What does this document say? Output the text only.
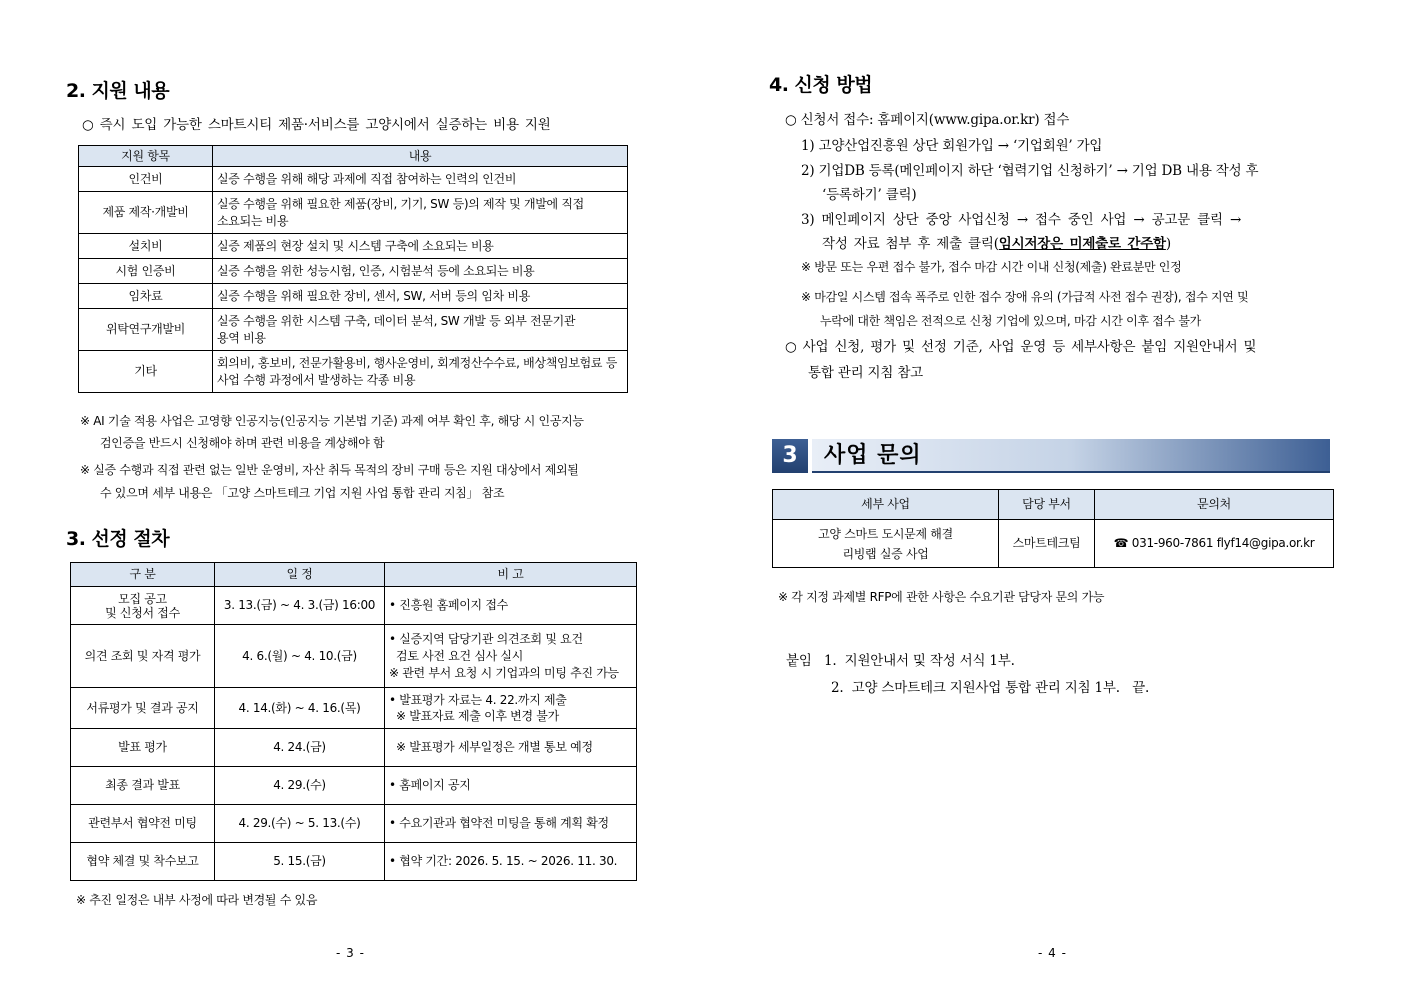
2. 지원 내용
○ 즉시 도입 가능한 스마트시티 제품·서비스를 고양시에서 실증하는 비용 지원
지원 항목	내용
인건비	실증 수행을 위해 해당 과제에 직접 참여하는 인력의 인건비
제품 제작·개발비	실증 수행을 위해 필요한 제품(장비, 기기, SW 등)의 제작 및 개발에 직접
소요되는 비용

설치비	실증 제품의 현장 설치 및 시스템 구축에 소요되는 비용
시험 인증비	실증 수행을 위한 성능시험, 인증, 시험분석 등에 소요되는 비용
임차료	실증 수행을 위해 필요한 장비, 센서, SW, 서버 등의 임차 비용
위탁연구개발비	실증 수행을 위한 시스템 구축, 데이터 분석, SW 개발 등 외부 전문기관
용역 비용

기타	회의비, 홍보비, 전문가활용비, 행사운영비, 회계정산수수료, 배상책임보험료 등
사업 수행 과정에서 발생하는 각종 비용
※ AI 기술 적용 사업은 고영향 인공지능(인공지능 기본법 기준) 과제 여부 확인 후, 해당 시 인공지능
검인증을 반드시 신청해야 하며 관련 비용을 계상해야 함
※ 실증 수행과 직접 관련 없는 일반 운영비, 자산 취득 목적의 장비 구매 등은 지원 대상에서 제외될
수 있으며 세부 내용은 「고양 스마트테크 기업 지원 사업 통합 관리 지침」 참조
3. 선정 절차
구 분	일 정	비 고

모집 공고
및 신청서 접수	3. 13.(금) ~ 4. 3.(금) 16:00	• 진흥원 홈페이지 접수
의견 조회 및 자격 평가	4. 6.(월) ~ 4. 10.(금)	• 실증지역 담당기관 의견조회 및 요건
검토 사전 요건 심사 실시
※ 관련 부서 요청 시 기업과의 미팅 추진 가능

서류평가 및 결과 공지	4. 14.(화) ~ 4. 16.(목)	• 발표평가 자료는 4. 22.까지 제출
※ 발표자료 제출 이후 변경 불가

발표 평가	4. 24.(금)	※ 발표평가 세부일정은 개별 통보 예정
최종 결과 발표	4. 29.(수)	• 홈페이지 공지
관련부서 협약전 미팅	4. 29.(수) ~ 5. 13.(수)	• 수요기관과 협약전 미팅을 통해 계획 확정
협약 체결 및 착수보고	5. 15.(금)	• 협약 기간: 2026. 5. 15. ~ 2026. 11. 30.
※ 추진 일정은 내부 사정에 따라 변경될 수 있음
- 3 -
4. 신청 방법
○ 신청서 접수: 홈페이지(www.gipa.or.kr) 접수
1) 고양산업진흥원 상단 회원가입 → ‘기업회원’ 가입
2) 기업DB 등록(메인페이지 하단 ‘협력기업 신청하기’ → 기업 DB 내용 작성 후
‘등록하기’ 클릭)
3) 메인페이지 상단 중앙 사업신청 → 접수 중인 사업 → 공고문 클릭 →
작성 자료 첨부 후 제출 클릭(임시저장은 미제출로 간주함)
※ 방문 또는 우편 접수 불가, 접수 마감 시간 이내 신청(제출) 완료분만 인정
※ 마감일 시스템 접속 폭주로 인한 접수 장애 유의 (가급적 사전 접수 권장), 접수 지연 및
누락에 대한 책임은 전적으로 신청 기업에 있으며, 마감 시간 이후 접수 불가
○ 사업 신청, 평가 및 선정 기준, 사업 운영 등 세부사항은 붙임 지원안내서 및
통합 관리 지침 참고
3	사업 문의
세부 사업	담당 부서	문의처

고양 스마트 도시문제 해결
리빙랩 실증 사업	스마트테크팀	☎ 031-960-7861 flyf14@gipa.or.kr
※ 각 지정 과제별 RFP에 관한 사항은 수요기관 담당자 문의 가능
붙임   1.  지원안내서 및 작성 서식 1부.
2.  고양 스마트테크 지원사업 통합 관리 지침 1부.   끝.
- 4 -
